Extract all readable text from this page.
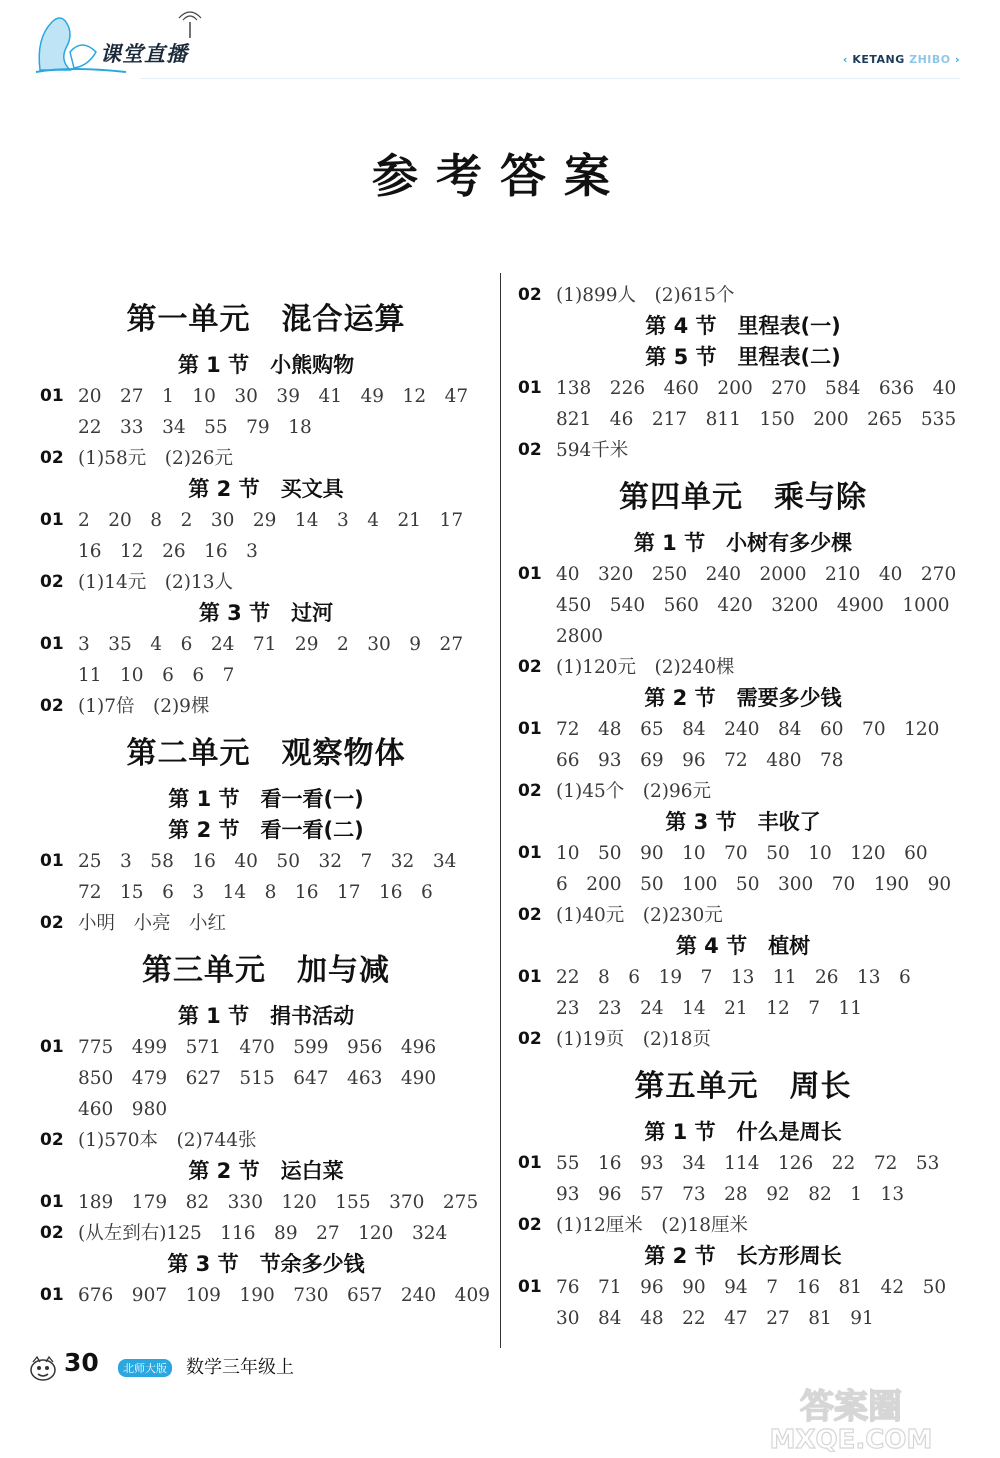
课堂直播	‹ KETANG ZHIBO ›
参考答案
第一单元　混合运算
第 1 节　小熊购物
01 20　27　1　10　30　39　41　49　12　47
22　33　34　55　79　18
02 (1)58元　(2)26元
第 2 节　买文具
01 2　20　8　2　30　29　14　3　4　21　17
16　12　26　16　3
02 (1)14元　(2)13人
第 3 节　过河
01 3　35　4　6　24　71　29　2　30　9　27
11　10　6　6　7
02 (1)7倍　(2)9棵
第二单元　观察物体
第 1 节　看一看(一)
第 2 节　看一看(二)
01 25　3　58　16　40　50　32　7　32　34
72　15　6　3　14　8　16　17　16　6
02 小明　小亮　小红
第三单元　加与减
第 1 节　捐书活动
01 775　499　571　470　599　956　496
850　479　627　515　647　463　490
460　980
02 (1)570本　(2)744张
第 2 节　运白菜
01 189　179　82　330　120　155　370　275
02 (从左到右)125　116　89　27　120　324
第 3 节　节余多少钱
01 676　907　109　190　730　657　240　409
02 (1)899人　(2)615个
第 4 节　里程表(一)
第 5 节　里程表(二)
01 138　226　460　200　270　584　636　40
821　46　217　811　150　200　265　535
02 594千米
第四单元　乘与除
第 1 节　小树有多少棵
01 40　320　250　240　2000　210　40　270
450　540　560　420　3200　4900　1000
2800
02 (1)120元　(2)240棵
第 2 节　需要多少钱
01 72　48　65　84　240　84　60　70　120
66　93　69　96　72　480　78
02 (1)45个　(2)96元
第 3 节　丰收了
01 10　50　90　10　70　50　10　120　60
6　200　50　100　50　300　70　190　90
02 (1)40元　(2)230元
第 4 节　植树
01 22　8　6　19　7　13　11　26　13　6
23　23　24　14　21　12　7　11
02 (1)19页　(2)18页
第五单元　周长
第 1 节　什么是周长
01 55　16　93　34　114　126　22　72　53
93　96　57　73　28　92　82　1　13
02 (1)12厘米　(2)18厘米
第 2 节　长方形周长
01 76　71　96　90　94　7　16　81　42　50
30　84　48　22　47　27　81　91
30	北师大版 数学三年级上
答案圈
MXQE.COM
